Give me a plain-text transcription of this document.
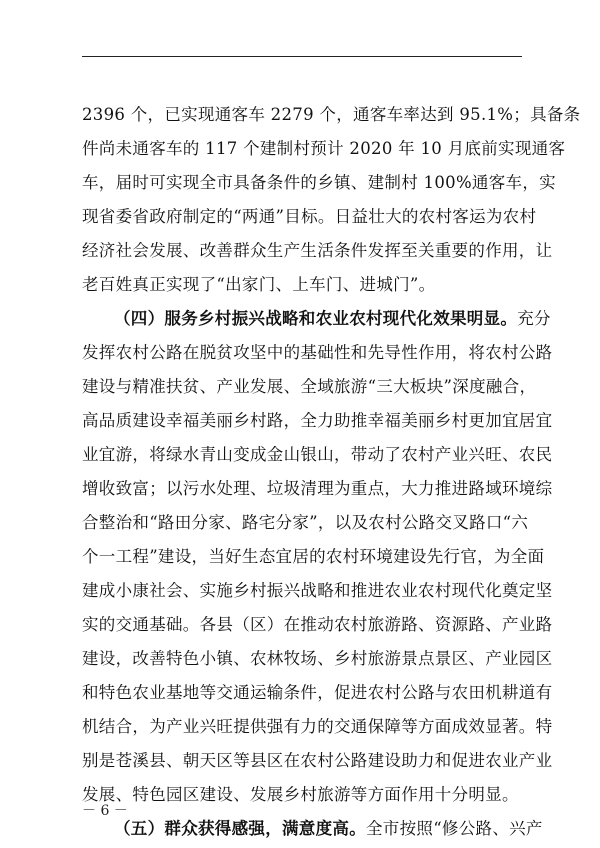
2396 个，已实现通客车 2279 个，通客车率达到 95.1%；具备条
件尚未通客车的 117 个建制村预计 2020 年 10 月底前实现通客
车，届时可实现全市具备条件的乡镇、建制村 100%通客车，实
现省委省政府制定的“两通”目标。日益壮大的农村客运为农村
经济社会发展、改善群众生产生活条件发挥至关重要的作用，让
老百姓真正实现了“出家门、上车门、进城门”。
（四）服务乡村振兴战略和农业农村现代化效果明显。充分
发挥农村公路在脱贫攻坚中的基础性和先导性作用，将农村公路
建设与精准扶贫、产业发展、全域旅游“三大板块”深度融合，
高品质建设幸福美丽乡村路，全力助推幸福美丽乡村更加宜居宜
业宜游，将绿水青山变成金山银山，带动了农村产业兴旺、农民
增收致富；以污水处理、垃圾清理为重点，大力推进路域环境综
合整治和“路田分家、路宅分家”，以及农村公路交叉路口“六
个一工程”建设，当好生态宜居的农村环境建设先行官，为全面
建成小康社会、实施乡村振兴战略和推进农业农村现代化奠定坚
实的交通基础。各县（区）在推动农村旅游路、资源路、产业路
建设，改善特色小镇、农林牧场、乡村旅游景点景区、产业园区
和特色农业基地等交通运输条件，促进农村公路与农田机耕道有
机结合，为产业兴旺提供强有力的交通保障等方面成效显著。特
别是苍溪县、朝天区等县区在农村公路建设助力和促进农业产业
发展、特色园区建设、发展乡村旅游等方面作用十分明显。
（五）群众获得感强，满意度高。全市按照“修公路、兴产
－ 6 －
